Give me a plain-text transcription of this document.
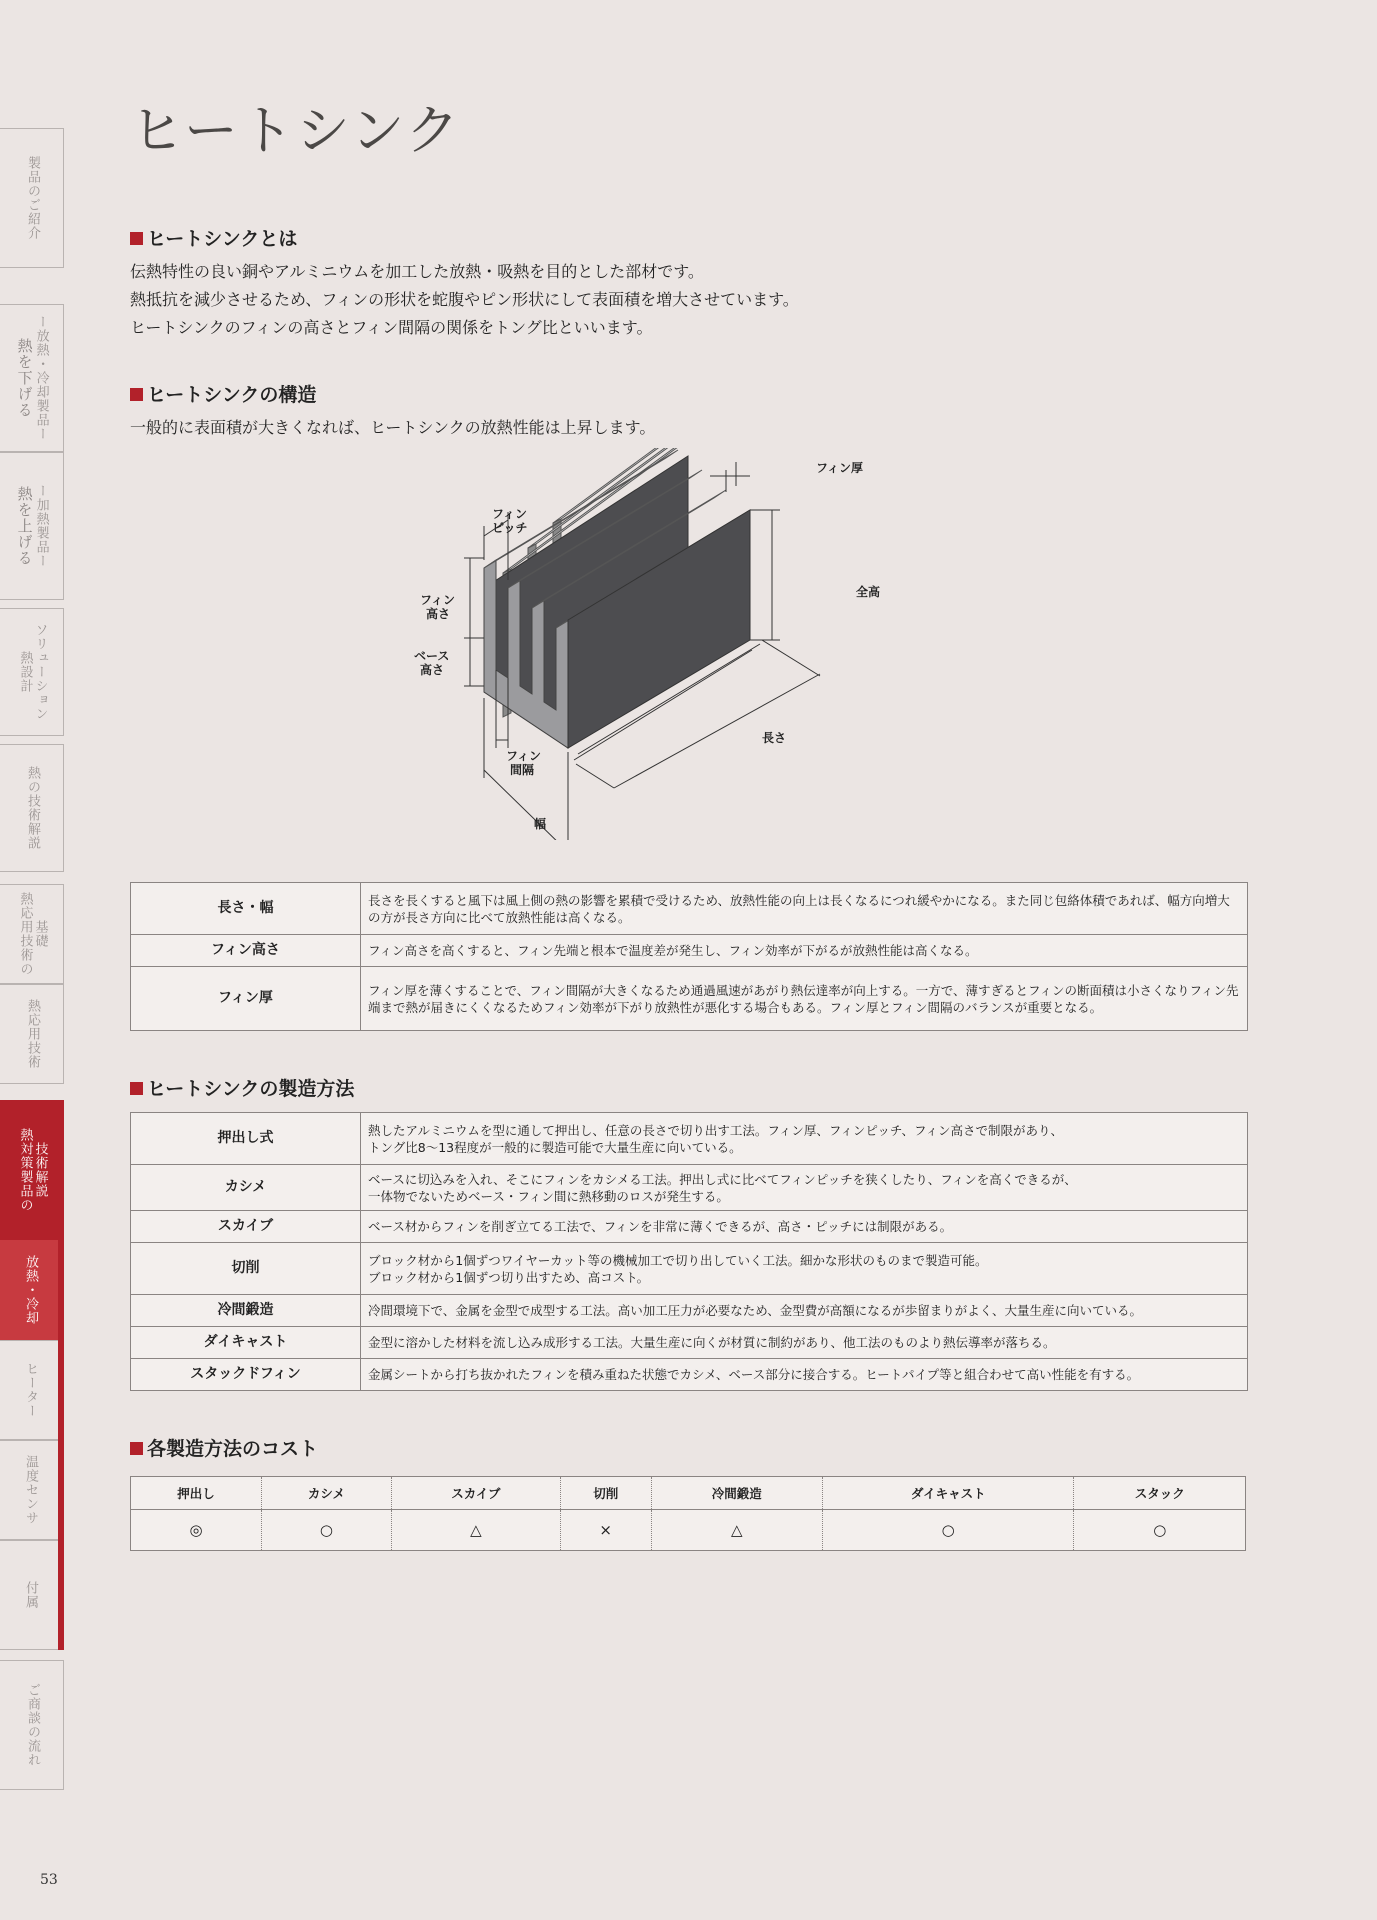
製品のご紹介
熱を下げる ー放熱・冷却製品ー
熱を上げる ー加熱製品ー
熱設計 ソリューション
熱の技術解説
熱応用技術の 基礎
熱応用技術
熱対策製品の 技術解説
放熱・冷却
ヒーター
温度センサ
付属
ご商談の流れ
ヒートシンク
ヒートシンクとは

伝熱特性の良い銅やアルミニウムを加工した放熱・吸熱を目的とした部材です。

熱抵抗を減少させるため、フィンの形状を蛇腹やピン形状にして表面積を増大させています。

ヒートシンクのフィンの高さとフィン間隔の関係をトング比といいます。

ヒートシンクの構造

一般的に表面積が大きくなれば、ヒートシンクの放熱性能は上昇します。

フィン厚
フィン
ピッチ
フィン
高さ
ベース
高さ
全高
長さ
フィン
間隔
幅
長さ・幅	長さを長くすると風下は風上側の熱の影響を累積で受けるため、放熱性能の向上は長くなるにつれ緩やかになる。また同じ包絡体積であれば、幅方向増大の方が長さ方向に比べて放熱性能は高くなる。
フィン高さ	フィン高さを高くすると、フィン先端と根本で温度差が発生し、フィン効率が下がるが放熱性能は高くなる。
フィン厚	フィン厚を薄くすることで、フィン間隔が大きくなるため通過風速があがり熱伝達率が向上する。一方で、薄すぎるとフィンの断面積は小さくなりフィン先端まで熱が届きにくくなるためフィン効率が下がり放熱性が悪化する場合もある。フィン厚とフィン間隔のバランスが重要となる。
ヒートシンクの製造方法
押出し式	熱したアルミニウムを型に通して押出し、任意の長さで切り出す工法。フィン厚、フィンピッチ、フィン高さで制限があり、
トング比8～13程度が一般的に製造可能で大量生産に向いている。

カシメ	ベースに切込みを入れ、そこにフィンをカシメる工法。押出し式に比べてフィンピッチを狭くしたり、フィンを高くできるが、
一体物でないためベース・フィン間に熱移動のロスが発生する。

スカイブ	ベース材からフィンを削ぎ立てる工法で、フィンを非常に薄くできるが、高さ・ピッチには制限がある。
切削	ブロック材から1個ずつワイヤーカット等の機械加工で切り出していく工法。細かな形状のものまで製造可能。
ブロック材から1個ずつ切り出すため、高コスト。

冷間鍛造	冷間環境下で、金属を金型で成型する工法。高い加工圧力が必要なため、金型費が高額になるが歩留まりがよく、大量生産に向いている。
ダイキャスト	金型に溶かした材料を流し込み成形する工法。大量生産に向くが材質に制約があり、他工法のものより熱伝導率が落ちる。
スタックドフィン	金属シートから打ち抜かれたフィンを積み重ねた状態でカシメ、ベース部分に接合する。ヒートパイプ等と組合わせて高い性能を有する。
各製造方法のコスト
押出し	カシメ	スカイブ	切削	冷間鍛造	ダイキャスト	スタック
◎	○	△	×	△	○	○
53
